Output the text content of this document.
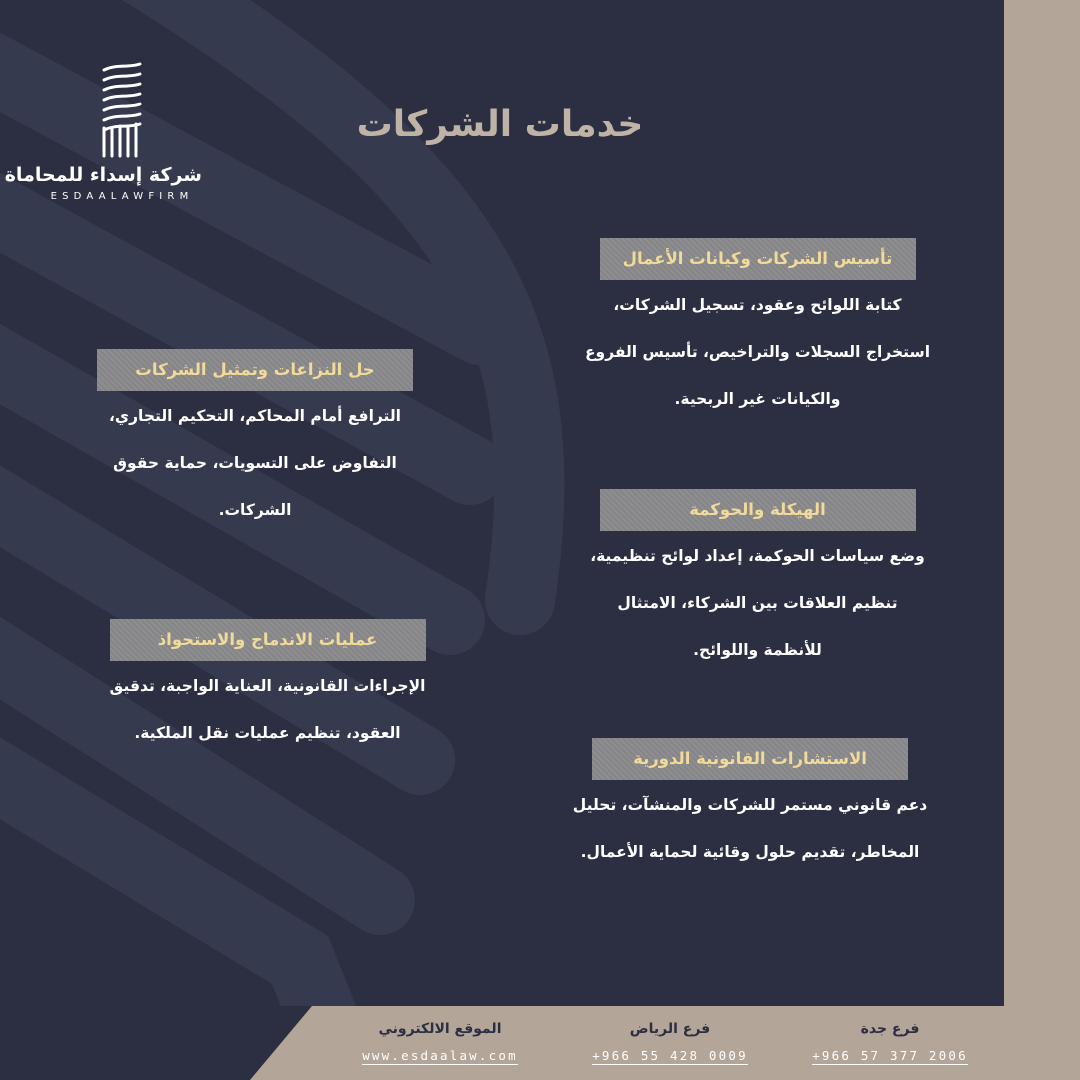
شركة إسداء للمحاماة
ESDAALAWFIRM
خدمات الشركات
تأسيس الشركات وكيانات الأعمال
كتابة اللوائح وعقود، تسجيل الشركات،
استخراج السجلات والتراخيص، تأسيس الفروع
والكيانات غير الربحية.
حل النزاعات وتمثيل الشركات
الترافع أمام المحاكم، التحكيم التجاري،
التفاوض على التسويات، حماية حقوق
الشركات.	الهيكلة والحوكمة
وضع سياسات الحوكمة، إعداد لوائح تنظيمية،
تنظيم العلاقات بين الشركاء، الامتثال
للأنظمة واللوائح.
عمليات الاندماج والاستحواذ
الإجراءات القانونية، العناية الواجبة، تدقيق
العقود، تنظيم عمليات نقل الملكية.
الاستشارات القانونية الدورية
دعم قانوني مستمر للشركات والمنشآت، تحليل
المخاطر، تقديم حلول وقائية لحماية الأعمال.
الموقع الالكتروني
www.esdaalaw.com
فرع الرياض
+966 55 428 0009
فرع جدة
+966 57 377 2006
